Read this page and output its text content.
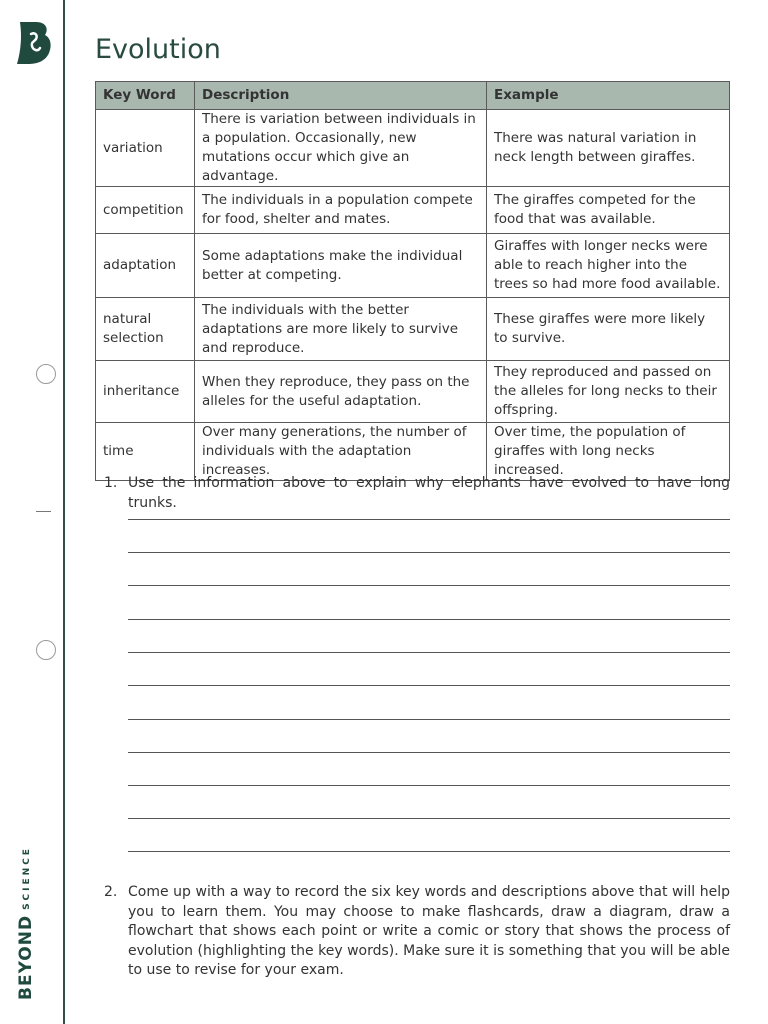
BEYONDSCIENCE
Evolution
Key Word	Description	Example
variation	There is variation between individuals in a population. Occasionally, new mutations occur which give an advantage.	There was natural variation in neck length between giraffes.
competition	The individuals in a population compete for food, shelter and mates.	The giraffes competed for the food that was available.
adaptation	Some adaptations make the individual better at competing.	Giraffes with longer necks were able to reach higher into the trees so had more food available.
natural selection	The individuals with the better adaptations are more likely to survive and reproduce.	These giraffes were more likely to survive.
inheritance	When they reproduce, they pass on the alleles for the useful adaptation.	They reproduced and passed on the alleles for long necks to their offspring.
time	Over many generations, the number of individuals with the adaptation increases.	Over time, the population of giraffes with long necks increased.
1. Use the information above to explain why elephants have evolved to have long trunks.
2. Come up with a way to record the six key words and descriptions above that will help you to learn them. You may choose to make flashcards, draw a diagram, draw a flowchart that shows each point or write a comic or story that shows the process of evolution (highlighting the key words). Make sure it is something that you will be able to use to revise for your exam.
